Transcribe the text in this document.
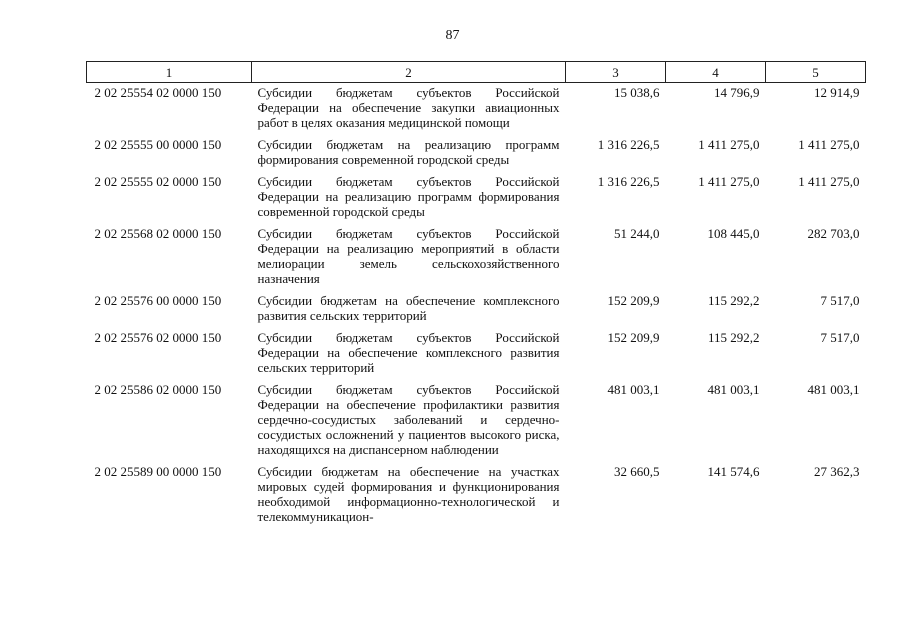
87
1	2	3	4	5
2 02 25554 02 0000 150	Субсидии бюджетам субъектов Российской Федерации на обеспечение закупки авиационных работ в целях оказания медицинской помощи	15 038,6	14 796,9	12 914,9
2 02 25555 00 0000 150	Субсидии бюджетам на реализацию программ формирования современной городской среды	1 316 226,5	1 411 275,0	1 411 275,0
2 02 25555 02 0000 150	Субсидии бюджетам субъектов Российской Федерации на реализацию программ формирования современной городской среды	1 316 226,5	1 411 275,0	1 411 275,0
2 02 25568 02 0000 150	Субсидии бюджетам субъектов Российской Федерации на реализацию мероприятий в области мелиорации земель сельскохозяйственного назначения	51 244,0	108 445,0	282 703,0
2 02 25576 00 0000 150	Субсидии бюджетам на обеспечение комплексного развития сельских территорий	152 209,9	115 292,2	7 517,0
2 02 25576 02 0000 150	Субсидии бюджетам субъектов Российской Федерации на обеспечение комплексного развития сельских территорий	152 209,9	115 292,2	7 517,0
2 02 25586 02 0000 150	Субсидии бюджетам субъектов Российской Федерации на обеспечение профилактики развития сердечно-сосудистых заболеваний и сердечно-сосудистых осложнений у пациентов высокого риска, находящихся на диспансерном наблюдении	481 003,1	481 003,1	481 003,1
2 02 25589 00 0000 150	Субсидии бюджетам на обеспечение на участках мировых судей формирования и функционирования необходимой информационно-технологической и телекоммуникацион-	32 660,5	141 574,6	27 362,3
